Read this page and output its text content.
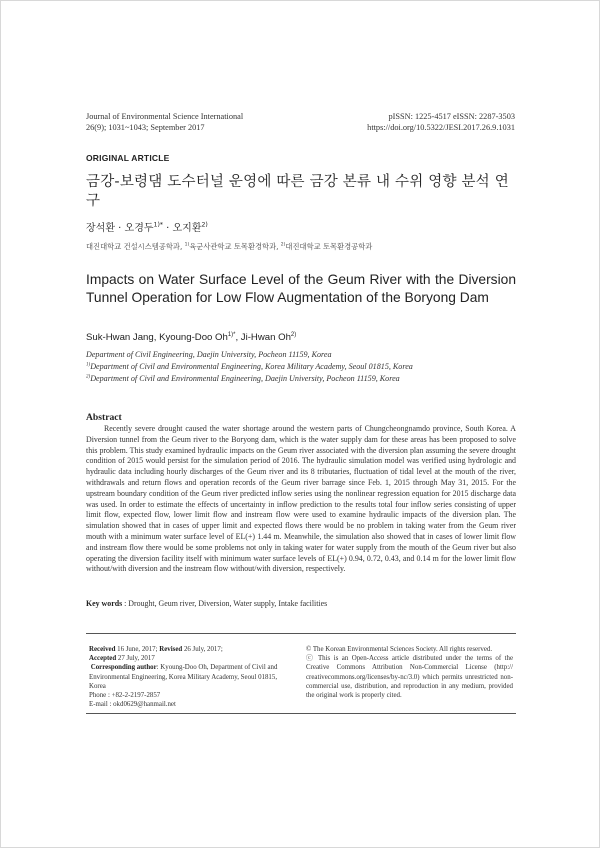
Journal of Environmental Science International
26(9); 1031~1043; September 2017
pISSN: 1225-4517 eISSN: 2287-3503
https://doi.org/10.5322/JESI.2017.26.9.1031
ORIGINAL ARTICLE
금강-보령댐 도수터널 운영에 따른 금강 본류 내 수위 영향 분석 연구
장석환 · 오경두$^{1)*}$ · 오지환$^{2)}$
대진대학교 건설시스템공학과, $^{1)}$육군사관학교 토목환경학과, $^{2)}$대진대학교 토목환경공학과
Impacts on Water Surface Level of the Geum River with the Diversion Tunnel Operation for Low Flow Augmentation of the Boryong Dam
Suk-Hwan Jang, Kyoung-Doo $Oh^{1)*}$, Ji-Hwan Oh$^{2)}$
Department of Civil Engineering, Daejin University, Pocheon 11159, Korea
$^{1)}$Department of Civil and Environmental Engineering, Korea Military Academy, Seoul 01815, Korea
$^{2)}$Department of Civil and Environmental Engineering, Daejin University, Pocheon 11159, Korea
Abstract

Recently severe drought caused the water shortage around the western parts of Chungcheongnamdo province, South Korea. A Diversion tunnel from the Geum river to the Boryong dam, which is the water supply dam for these areas has been proposed to solve this problem. This study examined hydraulic impacts on the Geum river associated with the diversion plan assuming the severe drought condition of 2015 would persist for the simulation period of 2016. The hydraulic simulation model was verified using hydrologic and hydraulic data including hourly discharges of the Geum river and its 8 tributaries, fluctuation of tidal level at the mouth of the river, withdrawals and return flows and operation records of the Geum river barrage since Feb. 1, 2015 through May 31, 2015. For the upstream boundary condition of the Geum river predicted inflow series using the nonlinear regression equation for 2015 discharge data was used. In order to estimate the effects of uncertainty in inflow prediction to the results total four inflow series consisting of upper limit flow, expected flow, lower limit flow and instream flow were used to examine hydraulic impacts of the diversion plan. The simulation showed that in cases of upper limit and expected flows there would be no problem in taking water from the Geum river mouth with a minimum water surface level of EL(+) 1.44 m. Meanwhile, the simulation also showed that in cases of lower limit flow and instream flow there would be some problems not only in taking water for water supply from the mouth of the Geum river but also operating the diversion facility itself with minimum water surface levels of EL(+) 0.94, 0.72, 0.43, and 0.14 m for the lower limit flow without/with diversion and the instream flow without/with diversion, respectively.

Key words : Drought, Geum river, Diversion, Water supply, Intake facilities
Received 16 June, 2017; Revised 26 July, 2017;
Accepted 27 July, 2017
Corresponding author: Kyoung-Doo Oh, Department of Civil and
Environmental Engineering, Korea Military Academy, Seoul 01815,
Korea
Phone : +82-2-2197-2857
E-mail : okd0629@hanmail.net
© The Korean Environmental Sciences Society. All rights reserved.
ⓒ This is an Open-Access article distributed under the terms of the Creative Commons Attribution Non-Commercial License (http:// creativecommons.org/licenses/by-nc/3.0) which permits unrestricted non-commercial use, distribution, and reproduction in any medium, provided the original work is properly cited.
